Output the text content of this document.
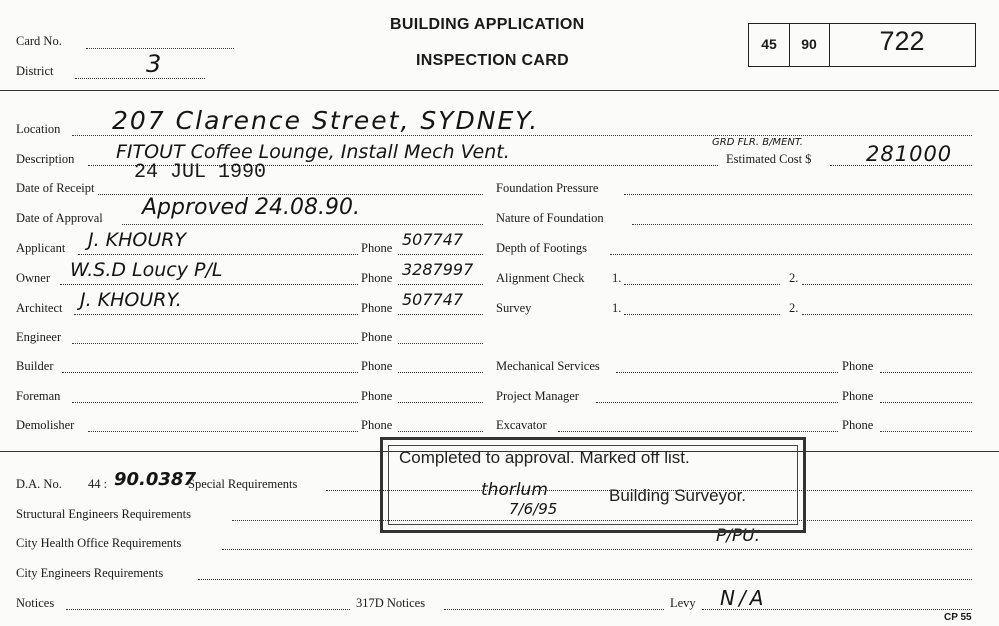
Card No.
District	3
BUILDING APPLICATION
INSPECTION CARD
45	90	722
Location 207 Clarence Street, SYDNEY.
Description FITOUT Coffee Lounge, Install Mech Vent.	GRD FLR. B/MENT.
Estimated Cost $	281000
Date of Receipt
24 JUL 1990
Date of Approval Approved 24.08.90.
Applicant J. KHOURY	Phone 507747
Owner W.S.D Loucy P/L	Phone 3287997
Architect J. KHOURY.	Phone 507747
Engineer	Phone
Builder	Phone
Foreman	Phone
Demolisher	Phone
Foundation Pressure
Nature of Foundation
Depth of Footings
Alignment Check 1.	2.
Survey	1.	2.
Mechanical Services	Phone
Project Manager	Phone
Excavator	Phone
D.A. No. 44 : 90.0387
Special Requirements
Structural Engineers Requirements
City Health Office Requirements	P/PU.
City Engineers Requirements
Notices	317D Notices	Levy N/A
CP 55
Completed to approval. Marked off list.
Building Surveyor.
thorlum
7/6/95
